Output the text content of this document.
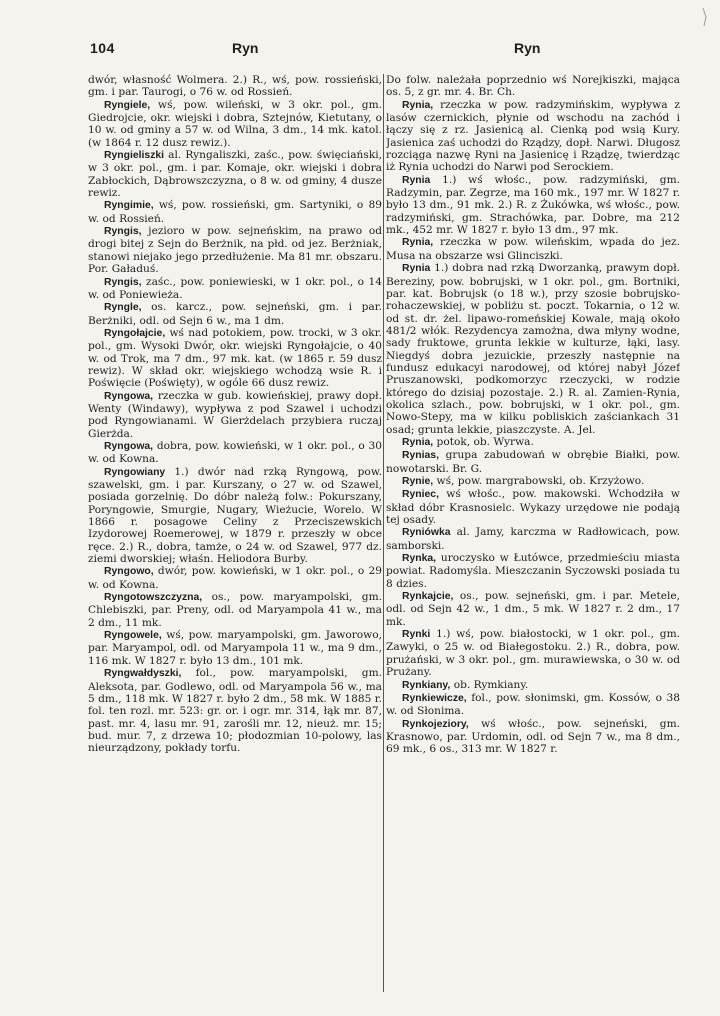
104	Ryn	Ryn

dwór, własność Wolmera. 2.) R., wś, pow. rossieński, gm. i par. Taurogi, o 76 w. od Rossień.

Ryngiele, wś, pow. wileński, w 3 okr. pol., gm. Giedrojcie, okr. wiejski i dobra, Sztejnów, Kietutany, o 10 w. od gminy a 57 w. od Wilna, 3 dm., 14 mk. katol. (w 1864 r. 12 dusz rewiz.).

Ryngieliszki al. Ryngaliszki, zaśc., pow. święciański, w 3 okr. pol., gm. i par. Komaje, okr. wiejski i dobra Zabłockich, Dąbrowszczyzna, o 8 w. od gminy, 4 dusze rewiz.

Ryngimie, wś, pow. rossieński, gm. Sartyniki, o 89 w. od Rossień.

Ryngis, jezioro w pow. sejneńskim, na prawo od drogi bitej z Sejn do Berżnik, na płd. od jez. Berżniak, stanowi niejako jego przedłużenie. Ma 81 mr. obszaru. Por. Gaładuś.

Ryngis, zaśc., pow. poniewieski, w 1 okr. pol., o 14 w. od Poniewieża.

Ryngle, os. karcz., pow. sejneński, gm. i par. Berżniki, odl. od Sejn 6 w., ma 1 dm.

Ryngołajcie, wś nad potokiem, pow. trocki, w 3 okr. pol., gm. Wysoki Dwór, okr. wiejski Ryngołajcie, o 40 w. od Trok, ma 7 dm., 97 mk. kat. (w 1865 r. 59 dusz rewiz). W skład okr. wiejskiego wchodzą wsie R. i Poświęcie (Poświęty), w ogóle 66 dusz rewiz.

Ryngowa, rzeczka w gub. kowieńskiej, prawy dopł. Wenty (Windawy), wypływa z pod Szawel i uchodzi pod Ryngowianami. W Gierżdelach przybiera ruczaj Gierżda.

Ryngowa, dobra, pow. kowieński, w 1 okr. pol., o 30 w. od Kowna.

Ryngowiany 1.) dwór nad rzką Ryngową, pow. szawelski, gm. i par. Kurszany, o 27 w. od Szawel, posiada gorzelnię. Do dóbr należą folw.: Pokurszany, Poryngowie, Smurgie, Nugary, Wieżucie, Worelo. W 1866 r. posagowe Celiny z Przeciszewskich Izydorowej Roemerowej, w 1879 r. przeszły w obce ręce. 2.) R., dobra, tamże, o 24 w. od Szawel, 977 dz. ziemi dworskiej; właśn. Heliodora Burby.

Ryngowo, dwór, pow. kowieński, w 1 okr. pol., o 29 w. od Kowna.

Ryngotowszczyzna, os., pow. maryampolski, gm. Chlebiszki, par. Preny, odl. od Maryampola 41 w., ma 2 dm., 11 mk.

Ryngowele, wś, pow. maryampolski, gm. Jaworowo, par. Maryampol, odl. od Maryampola 11 w., ma 9 dm., 116 mk. W 1827 r. było 13 dm., 101 mk.

Ryngwałdyszki, fol., pow. maryampolski, gm. Aleksota, par. Godlewo, odl. od Maryampola 56 w., ma 5 dm., 118 mk. W 1827 r. było 2 dm., 58 mk. W 1885 r. fol. ten rozl. mr. 523: gr. or. i ogr. mr. 314, łąk mr. 87, past. mr. 4, lasu mr. 91, zarośli mr. 12, nieuż. mr. 15; bud. mur. 7, z drzewa 10; płodozmian 10-polowy, las nieurządzony, pokłady torfu.

Do folw. należała poprzednio wś Norejkiszki, mająca os. 5, z gr. mr. 4. Br. Ch.

Rynia, rzeczka w pow. radzymińskim, wypływa z lasów czernickich, płynie od wschodu na zachód i łączy się z rz. Jasienicą al. Cienką pod wsią Kury. Jasienica zaś uchodzi do Rządzy, dopł. Narwi. Długosz rozciąga nazwę Ryni na Jasienicę i Rządzę, twierdząc iż Rynia uchodzi do Narwi pod Serockiem.

Rynia 1.) wś włośc., pow. radzymiński, gm. Radzymin, par. Zegrze, ma 160 mk., 197 mr. W 1827 r. było 13 dm., 91 mk. 2.) R. z Żukówka, wś włośc., pow. radzymiński, gm. Strachówka, par. Dobre, ma 212 mk., 452 mr. W 1827 r. było 13 dm., 97 mk.

Rynia, rzeczka w pow. wileńskim, wpada do jez. Musa na obszarze wsi Glinciszki.

Rynia 1.) dobra nad rzką Dworzanką, prawym dopł. Bereziny, pow. bobrujski, w 1 okr. pol., gm. Bortniki, par. kat. Bobrujsk (o 18 w.), przy szosie bobrujsko-rohaczewskiej, w pobliżu st. poczt. Tokarnia, o 12 w. od st. dr. żel. lipawo-romeńskiej Kowale, mają około 481/2 włók. Rezydencya zamożna, dwa młyny wodne, sady fruktowe, grunta lekkie w kulturze, łąki, lasy. Niegdyś dobra jezuickie, przeszły następnie na fundusz edukacyi narodowej, od której nabył Józef Pruszanowski, podkomorzyc rzeczycki, w rodzie którego do dzisiaj pozostaje. 2.) R. al. Zamien-Rynia, okolica szlach., pow. bobrujski, w 1 okr. pol., gm. Nowo-Stepy, ma w kilku pobliskich zaściankach 31 osad; grunta lekkie, piaszczyste. A. Jel.

Rynia, potok, ob. Wyrwa.

Rynias, grupa zabudowań w obrębie Białki, pow. nowotarski. Br. G.

Rynie, wś, pow. margrabowski, ob. Krzyżowo.

Ryniec, wś włośc., pow. makowski. Wchodziła w skład dóbr Krasnosielc. Wykazy urzędowe nie podają tej osady.

Ryniówka al. Jamy, karczma w Radłowicach, pow. samborski.

Rynka, uroczysko w Łutówce, przedmieściu miasta powiat. Radomyśla. Mieszczanin Syczowski posiada tu 8 dzies.

Rynkajcie, os., pow. sejneński, gm. i par. Metele, odl. od Sejn 42 w., 1 dm., 5 mk. W 1827 r. 2 dm., 17 mk.

Rynki 1.) wś, pow. białostocki, w 1 okr. pol., gm. Zawyki, o 25 w. od Białegostoku. 2.) R., dobra, pow. prużański, w 3 okr. pol., gm. murawiewska, o 30 w. od Prużany.

Rynkiany, ob. Rymkiany.

Rynkiewicze, fol., pow. słonimski, gm. Kossów, o 38 w. od Słonima.

Rynkojeziory, wś włośc., pow. sejneński, gm. Krasnowo, par. Urdomin, odl. od Sejn 7 w., ma 8 dm., 69 mk., 6 os., 313 mr. W 1827 r.
